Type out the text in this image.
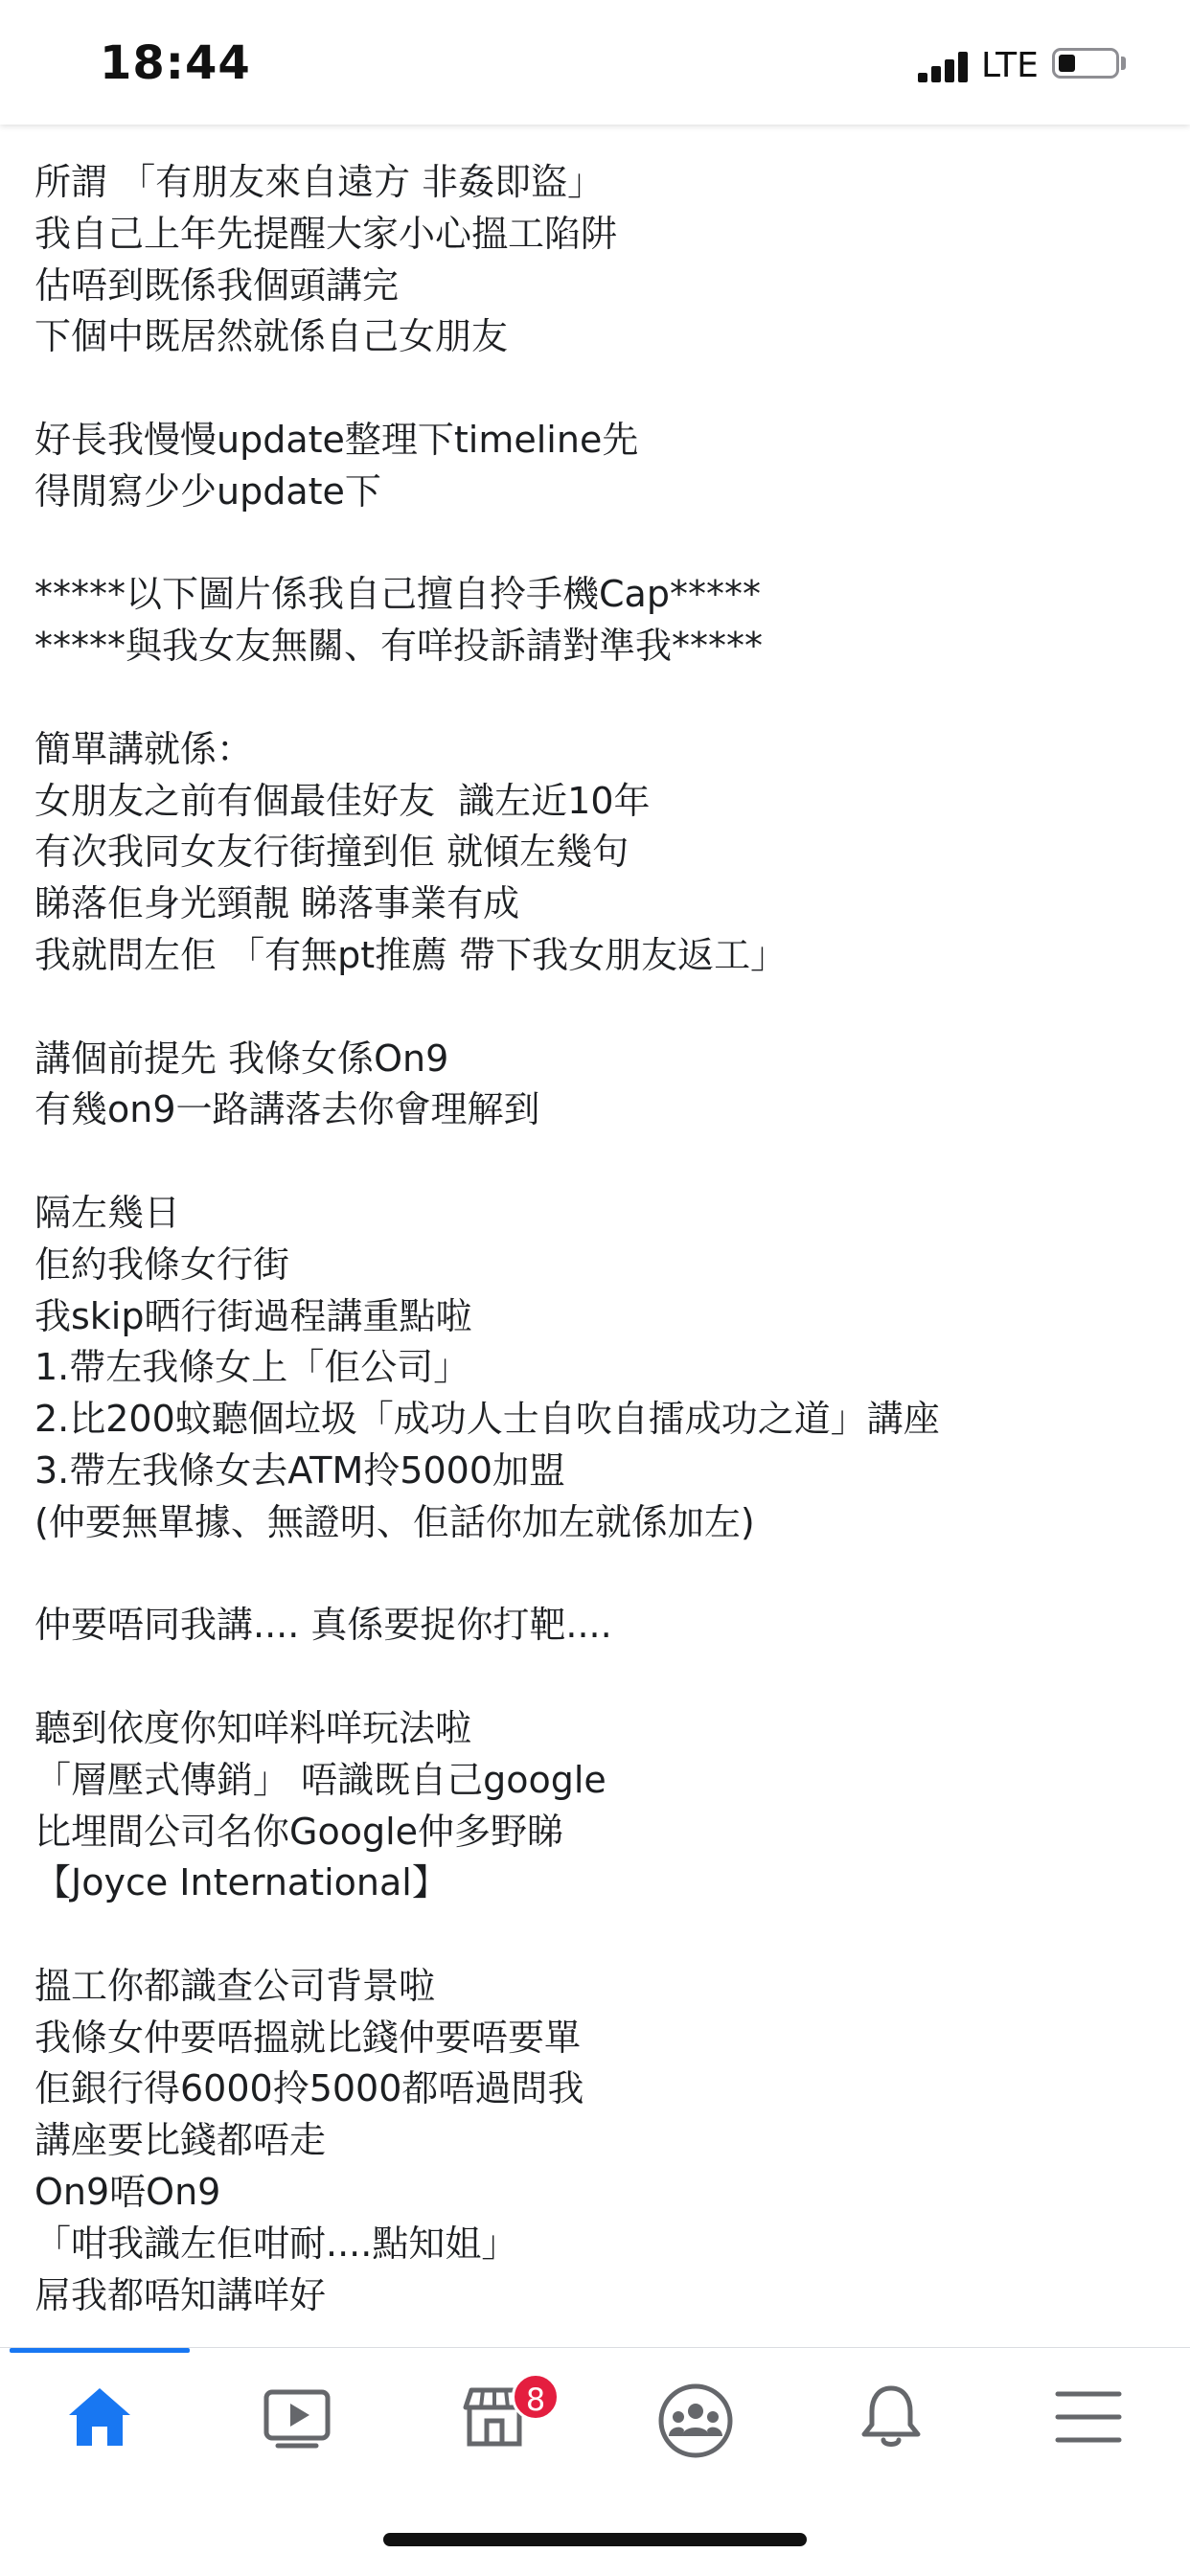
18:44	LTE
所謂 「有朋友來自遠方 非姦即盜」
我自己上年先提醒大家小心搵工陷阱
估唔到既係我個頭講完
下個中既居然就係自己女朋友
好長我慢慢update整理下timeline先
得閒寫少少update下
*****以下圖片係我自己擅自拎手機Cap*****
*****與我女友無關、有咩投訴請對準我*****
簡單講就係：
女朋友之前有個最佳好友  識左近10年
有次我同女友行街撞到佢 就傾左幾句
睇落佢身光頸靚 睇落事業有成
我就問左佢 「有無pt推薦 帶下我女朋友返工」
講個前提先 我條女係On9
有幾on9一路講落去你會理解到
隔左幾日
佢約我條女行街
我skip晒行街過程講重點啦
1.帶左我條女上「佢公司」
2.比200蚊聽個垃圾「成功人士自吹自擂成功之道」講座
3.帶左我條女去ATM拎5000加盟
(仲要無單據、無證明、佢話你加左就係加左)
仲要唔同我講.... 真係要捉你打靶....
聽到依度你知咩料咩玩法啦
「層壓式傳銷」 唔識既自己google
比埋間公司名你Google仲多野睇
【Joyce International】
搵工你都識查公司背景啦
我條女仲要唔搵就比錢仲要唔要單
佢銀行得6000拎5000都唔過問我
講座要比錢都唔走
On9唔On9
「咁我識左佢咁耐....點知姐」
屌我都唔知講咩好
8
